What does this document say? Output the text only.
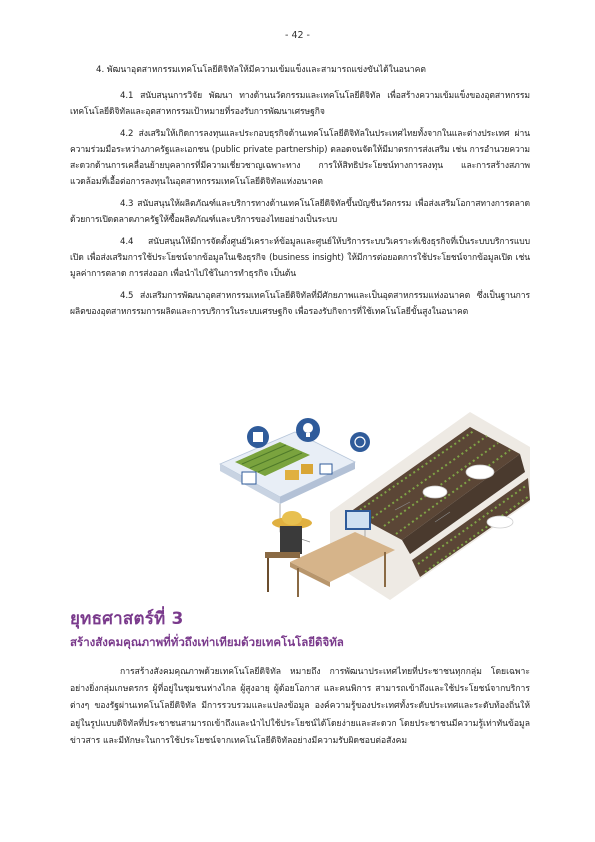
- 42 -
4. พัฒนาอุตสาหกรรมเทคโนโลยีดิจิทัลให้มีความเข้มแข็งและสามารถแข่งขันได้ในอนาคต

4.1 สนับสนุนการวิจัย พัฒนา ทางด้านนวัตกรรมและเทคโนโลยีดิจิทัล เพื่อสร้างความเข้มแข็งของอุตสาหกรรมเทคโนโลยีดิจิทัลและอุตสาหกรรมเป้าหมายที่รองรับการพัฒนาเศรษฐกิจ

4.2 ส่งเสริมให้เกิดการลงทุนและประกอบธุรกิจด้านเทคโนโลยีดิจิทัลในประเทศไทยทั้งจากในและต่างประเทศ ผ่านความร่วมมือระหว่างภาครัฐและเอกชน (public private partnership) ตลอดจนจัดให้มีมาตรการส่งเสริม เช่น การอำนวยความสะดวกด้านการเคลื่อนย้ายบุคลากรที่มีความเชี่ยวชาญเฉพาะทาง การให้สิทธิประโยชน์ทางการลงทุน และการสร้างสภาพแวดล้อมที่เอื้อต่อการลงทุนในอุตสาหกรรมเทคโนโลยีดิจิทัลแห่งอนาคต

4.3 สนับสนุนให้ผลิตภัณฑ์และบริการทางด้านเทคโนโลยีดิจิทัลขึ้นบัญชีนวัตกรรม เพื่อส่งเสริมโอกาสทางการตลาดด้วยการเปิดตลาดภาครัฐให้ซื้อผลิตภัณฑ์และบริการของไทยอย่างเป็นระบบ

4.4 สนับสนุนให้มีการจัดตั้งศูนย์วิเคราะห์ข้อมูลและศูนย์ให้บริการระบบวิเคราะห์เชิงธุรกิจที่เป็นระบบบริการแบบเปิด เพื่อส่งเสริมการใช้ประโยชน์จากข้อมูลในเชิงธุรกิจ (business insight) ให้มีการต่อยอดการใช้ประโยชน์จากข้อมูลเปิด เช่น มูลค่าการตลาด การส่งออก เพื่อนำไปใช้ในการทำธุรกิจ เป็นต้น

4.5 ส่งเสริมการพัฒนาอุตสาหกรรมเทคโนโลยีดิจิทัลที่มีศักยภาพและเป็นอุตสาหกรรมแห่งอนาคต ซึ่งเป็นฐานการผลิตของอุตสาหกรรมการผลิตและการบริการในระบบเศรษฐกิจ เพื่อรองรับกิจการที่ใช้เทคโนโลยีขั้นสูงในอนาคต

ยุทธศาสตร์ที่ 3
สร้างสังคมคุณภาพที่ทั่วถึงเท่าเทียมด้วยเทคโนโลยีดิจิทัล

การสร้างสังคมคุณภาพด้วยเทคโนโลยีดิจิทัล หมายถึง การพัฒนาประเทศไทยที่ประชาชนทุกกลุ่ม โดยเฉพาะอย่างยิ่งกลุ่มเกษตรกร ผู้ที่อยู่ในชุมชนห่างไกล ผู้สูงอายุ ผู้ด้อยโอกาส และคนพิการ สามารถเข้าถึงและใช้ประโยชน์จากบริการต่างๆ ของรัฐผ่านเทคโนโลยีดิจิทัล มีการรวบรวมและแปลงข้อมูล องค์ความรู้ของประเทศทั้งระดับประเทศและระดับท้องถิ่นให้อยู่ในรูปแบบดิจิทัลที่ประชาชนสามารถเข้าถึงและนำไปใช้ประโยชน์ได้โดยง่ายและสะดวก โดยประชาชนมีความรู้เท่าทันข้อมูลข่าวสาร และมีทักษะในการใช้ประโยชน์จากเทคโนโลยีดิจิทัลอย่างมีความรับผิดชอบต่อสังคม
